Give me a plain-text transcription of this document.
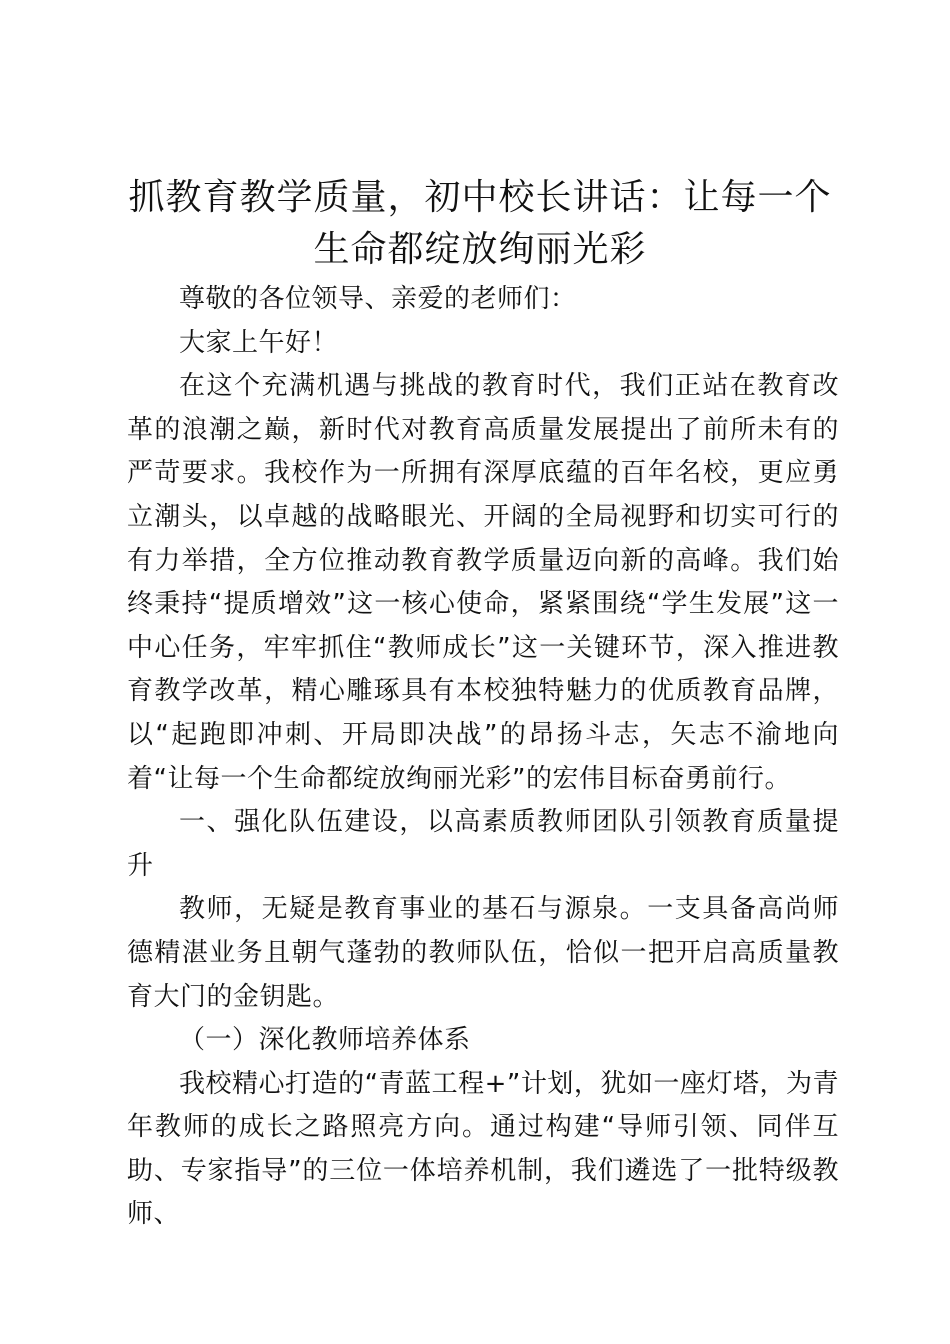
抓教育教学质量，初中校长讲话：让每一个生命都绽放绚丽光彩

尊敬的各位领导、亲爱的老师们：

大家上午好！

在这个充满机遇与挑战的教育时代，我们正站在教育改革的浪潮之巅，新时代对教育高质量发展提出了前所未有的严苛要求。我校作为一所拥有深厚底蕴的百年名校，更应勇立潮头，以卓越的战略眼光、开阔的全局视野和切实可行的有力举措，全方位推动教育教学质量迈向新的高峰。我们始终秉持“提质增效”这一核心使命，紧紧围绕“学生发展”这一中心任务，牢牢抓住“教师成长”这一关键环节，深入推进教育教学改革，精心雕琢具有本校独特魅力的优质教育品牌，以“起跑即冲刺、开局即决战”的昂扬斗志，矢志不渝地向着“让每一个生命都绽放绚丽光彩”的宏伟目标奋勇前行。

一、强化队伍建设，以高素质教师团队引领教育质量提升

教师，无疑是教育事业的基石与源泉。一支具备高尚师德精湛业务且朝气蓬勃的教师队伍，恰似一把开启高质量教育大门的金钥匙。

（一）深化教师培养体系

我校精心打造的“青蓝工程+”计划，犹如一座灯塔，为青年教师的成长之路照亮方向。通过构建“导师引领、同伴互助、专家指导”的三位一体培养机制，我们遴选了一批特级教师、
